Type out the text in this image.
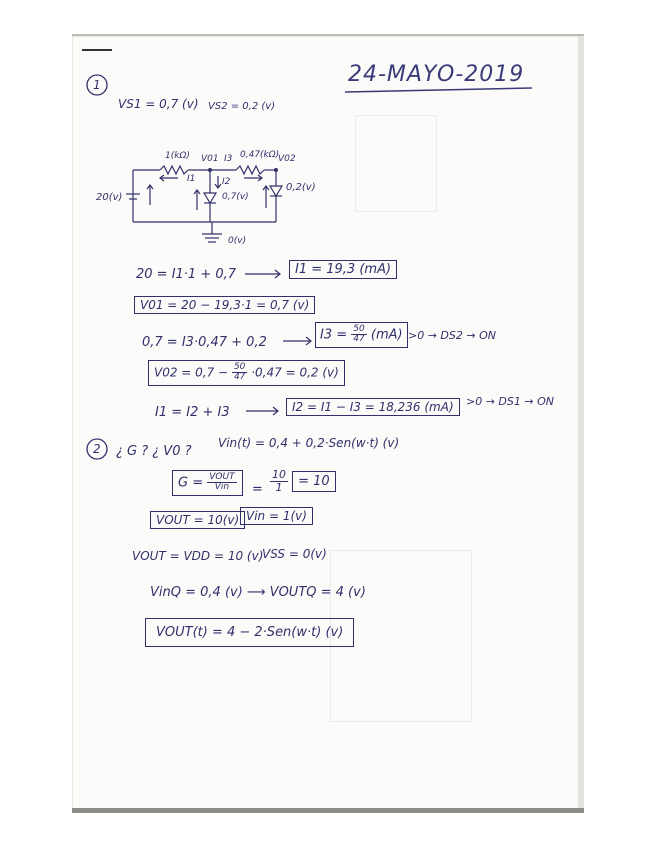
24-MAYO-2019
1
VS1 = 0,7 (v) VS2 = 0,2 (v)
1(kΩ) V01 I3 0,47(kΩ)
V02
I1	I2
20(v)	0,7(v)
0,2(v)
0(v)
20 = I1·1 + 0,7	I1 = 19,3 (mA)
V01 = 20 − 19,3·1 = 0,7 (v)
0,7 = I3·0,47 + 0,2
$I3 = \frac{50}{47} (mA) >0 \to DS2$ → ON
$V02 = 0,7 - \frac{50}{47} \cdot 0,47 = 0,2$ (v)
I1 = I2 + I3	I2 = I1 − I3 = 18,236 (mA)	>0 → DS1 → ON
2 ¿ G ? ¿ V0 ?
Vin(t) = 0,4 + 0,2·Sen(w·t) (v)
$G = \frac{\text{VOUT}}{\text{Vin}} = \frac{10}{1} = 10$
VOUT = 10(v) Vin = 1(v)
VOUT = VDD = 10 (v)
VSS = 0(v)
VinQ = 0,4 (v) ⟶ VOUTQ = 4 (v)
VOUT(t) = 4 − 2·Sen(w·t) (v)
